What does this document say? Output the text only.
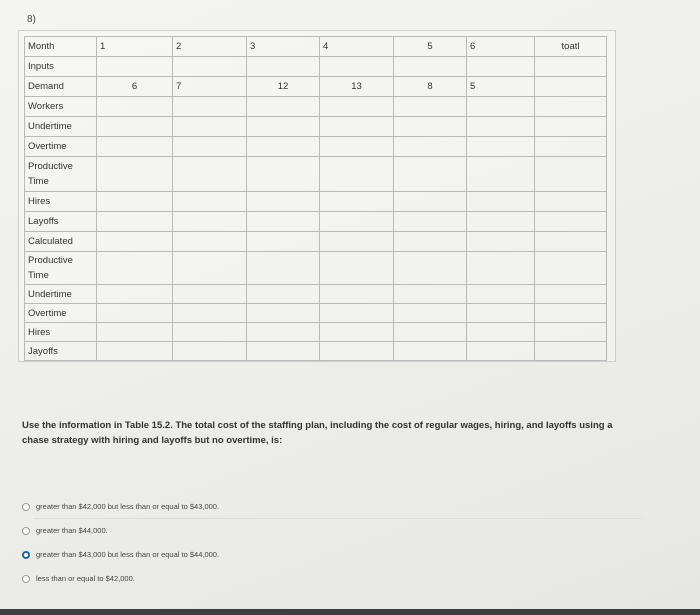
8)
Month	1	2	3	4	5	6	toatl
Inputs							
Demand	6	7	12	13	8	5	
Workers							
Undertime							
Overtime							
Productive Time							
Hires							
Layoffs							
Calculated							
Productive Time							
Undertime							
Overtime							
Hires							
Jayoffs							
Use the information in Table 15.2. The total cost of the staffing plan, including the cost of regular wages, hiring, and layoffs using a chase strategy with hiring and layoffs but no overtime, is:
greater than $42,000 but less than or equal to $43,000.
greater than $44,000.
greater than $43,000 but less than or equal to $44,000.
less than or equal to $42,000.
